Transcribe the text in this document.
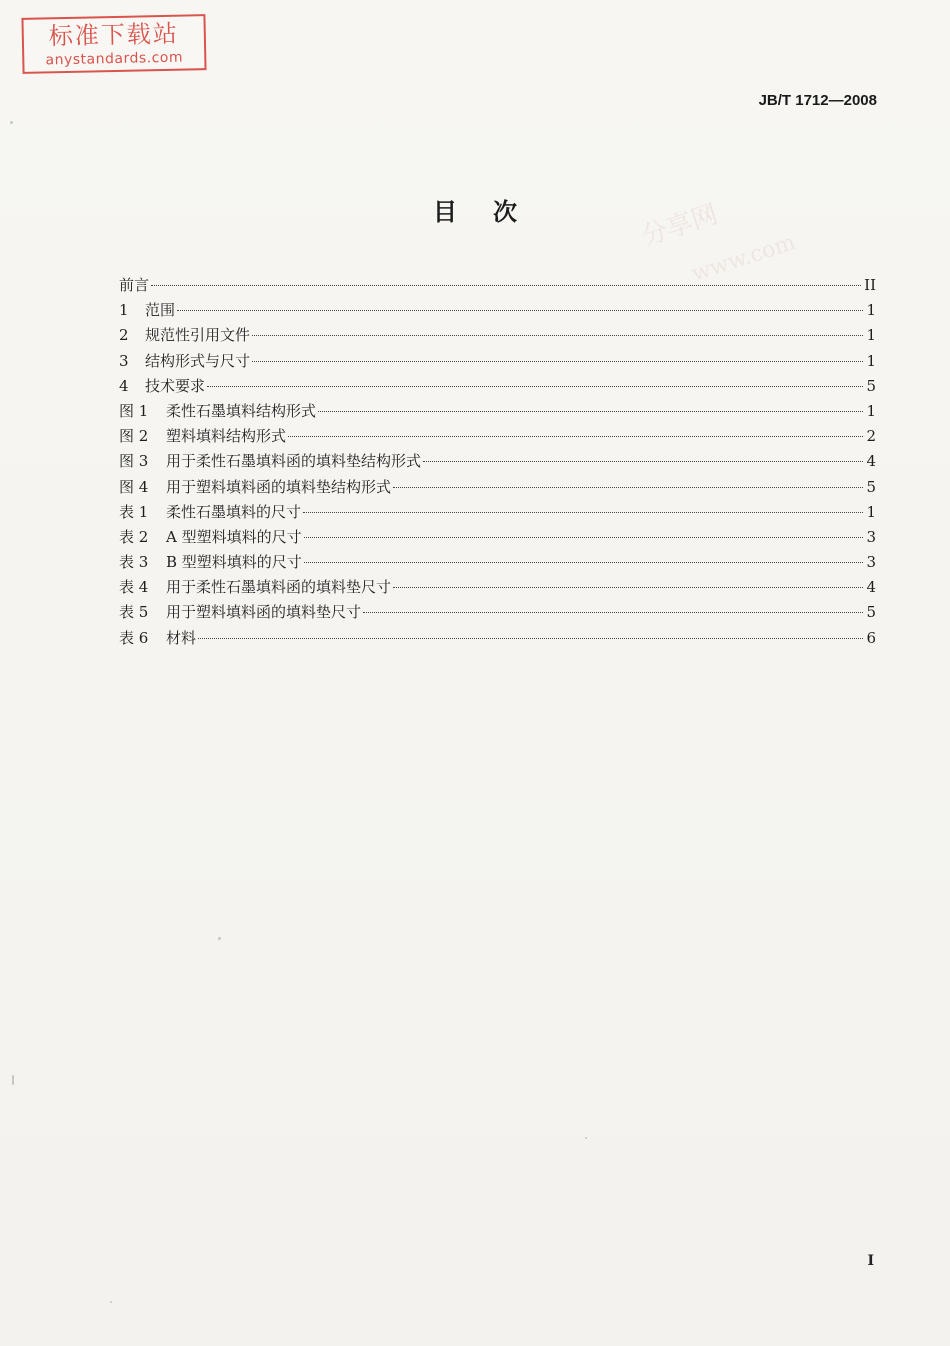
标准下载站
anystandards.com
分享网
www.com
JB/T 1712—2008
目次
前言	II
1	范围	1
2	规范性引用文件	1
3	结构形式与尺寸	1
4	技术要求	5
图 1	柔性石墨填料结构形式	1
图 2	塑料填料结构形式	2
图 3	用于柔性石墨填料函的填料垫结构形式	4
图 4	用于塑料填料函的填料垫结构形式	5
表 1	柔性石墨填料的尺寸	1
表 2	A 型塑料填料的尺寸	3
表 3	B 型塑料填料的尺寸	3
表 4	用于柔性石墨填料函的填料垫尺寸	4
表 5	用于塑料填料函的填料垫尺寸	5
表 6	材料	6
I
